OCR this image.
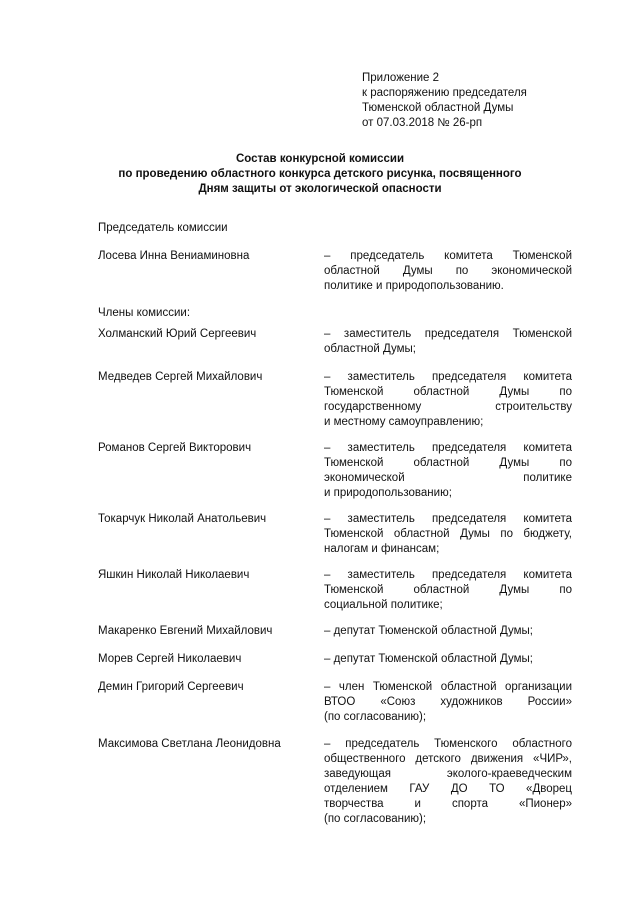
Приложение 2
к распоряжению председателя
Тюменской областной Думы
от 07.03.2018 № 26-рп
Состав конкурсной комиссии
по проведению областного конкурса детского рисунка, посвященного
Дням защиты от экологической опасности
Председатель комиссии
Лосева Инна Вениаминовна	– председатель комитета Тюменской
областной Думы по экономической
политике и природопользованию.
Члены комиссии:
Холманский Юрий Сергеевич	– заместитель председателя Тюменской
областной Думы;
Медведев Сергей Михайлович	– заместитель председателя комитета
Тюменской областной Думы по
государственному строительству
и местному самоуправлению;
Романов Сергей Викторович	– заместитель председателя комитета
Тюменской областной Думы по
экономической политике
и природопользованию;
Токарчук Николай Анатольевич	– заместитель председателя комитета
Тюменской областной Думы по бюджету,
налогам и финансам;
Яшкин Николай Николаевич	– заместитель председателя комитета
Тюменской областной Думы по
социальной политике;
Макаренко Евгений Михайлович	– депутат Тюменской областной Думы;
Морев Сергей Николаевич	– депутат Тюменской областной Думы;
Демин Григорий Сергеевич	– член Тюменской областной организации
ВТОО «Союз художников России»
(по согласованию);
Максимова Светлана Леонидовна	– председатель Тюменского областного
общественного детского движения «ЧИР»,
заведующая эколого-краеведческим
отделением ГАУ ДО ТО «Дворец
творчества и спорта «Пионер»
(по согласованию);
